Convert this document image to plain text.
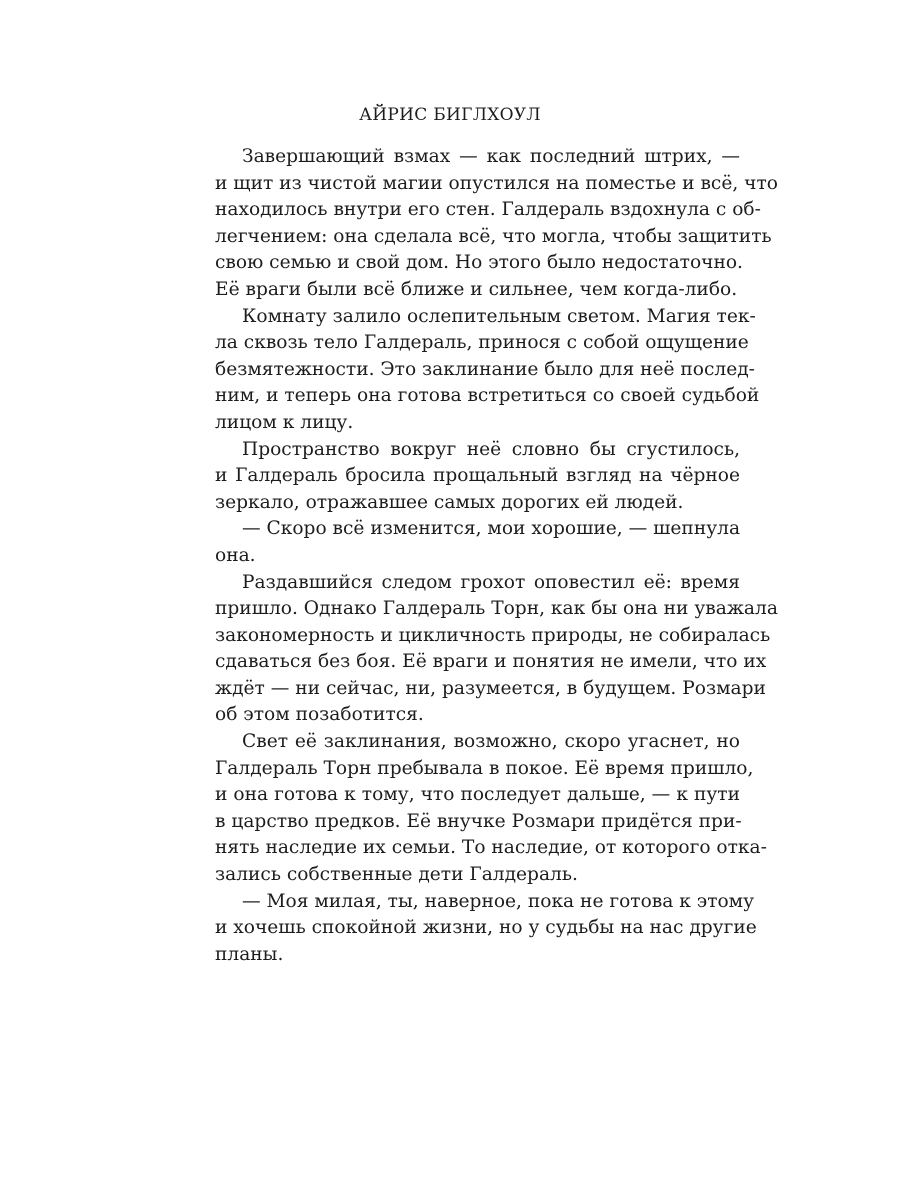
АЙРИС БИГЛХОУЛ
Завершающий взмах — как последний штрих, —
и щит из чистой магии опустился на поместье и всё, что
находилось внутри его стен. Галдераль вздохнула с об-
легчением: она сделала всё, что могла, чтобы защитить
свою семью и свой дом. Но этого было недостаточно.
Её враги были всё ближе и сильнее, чем когда-либо.
Комнату залило ослепительным светом. Магия тек-
ла сквозь тело Галдераль, принося с собой ощущение
безмятежности. Это заклинание было для неё послед-
ним, и теперь она готова встретиться со своей судьбой
лицом к лицу.
Пространство вокруг неё словно бы сгустилось,
и Галдераль бросила прощальный взгляд на чёрное
зеркало, отражавшее самых дорогих ей людей.
— Скоро всё изменится, мои хорошие, — шепнула
она.
Раздавшийся следом грохот оповестил её: время
пришло. Однако Галдераль Торн, как бы она ни уважала
закономерность и цикличность природы, не собиралась
сдаваться без боя. Её враги и понятия не имели, что их
ждёт — ни сейчас, ни, разумеется, в будущем. Розмари
об этом позаботится.
Свет её заклинания, возможно, скоро угаснет, но
Галдераль Торн пребывала в покое. Её время пришло,
и она готова к тому, что последует дальше, — к пути
в царство предков. Её внучке Розмари придётся при-
нять наследие их семьи. То наследие, от которого отка-
зались собственные дети Галдераль.
— Моя милая, ты, наверное, пока не готова к этому
и хочешь спокойной жизни, но у судьбы на нас другие
планы.
